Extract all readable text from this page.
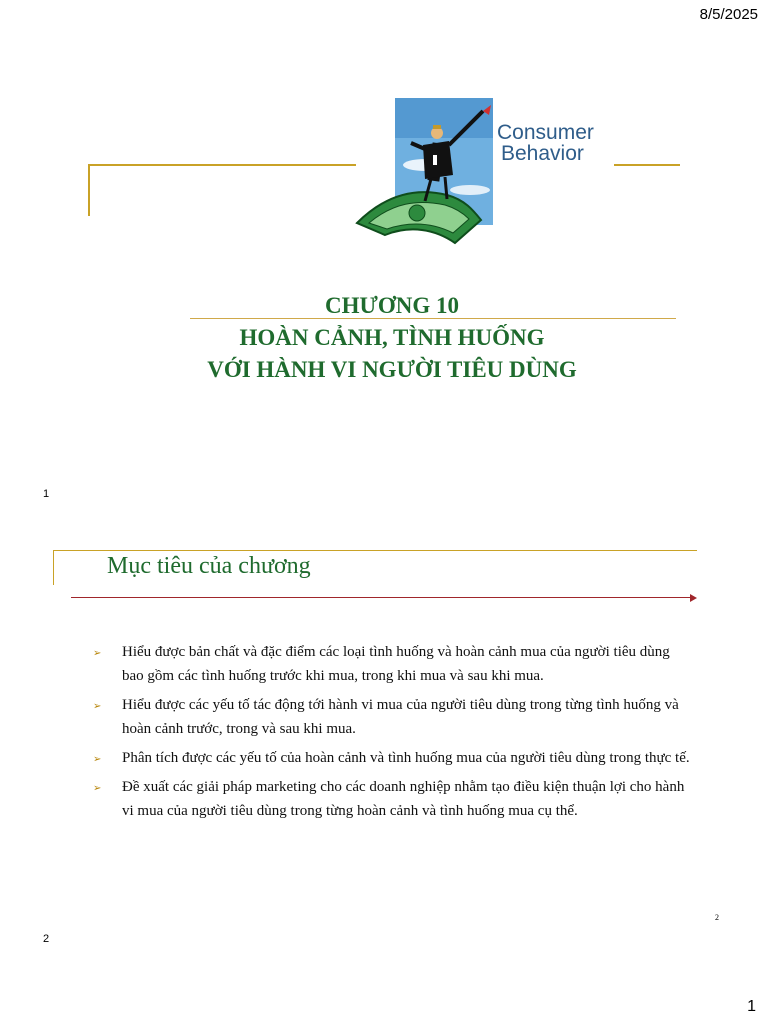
8/5/2025
Consumer
Behavior
CHƯƠNG 10
HOÀN CẢNH, TÌNH HUỐNG
VỚI HÀNH VI NGƯỜI TIÊU DÙNG
1
Mục tiêu của chương
➢ Hiểu được bản chất và đặc điểm các loại tình huống và hoàn cảnh mua của người tiêu dùng bao gồm các tình huống trước khi mua, trong khi mua và sau khi mua.
➢ Hiểu được các yếu tố tác động tới hành vi mua của người tiêu dùng trong từng tình huống và hoàn cảnh trước, trong và sau khi mua.
➢ Phân tích được các yếu tố của hoàn cảnh và tình huống mua của người tiêu dùng trong thực tế.
➢ Đề xuất các giải pháp marketing cho các doanh nghiệp nhằm tạo điều kiện thuận lợi cho hành vi mua của người tiêu dùng trong từng hoàn cảnh và tình huống mua cụ thể.
2
2
1
